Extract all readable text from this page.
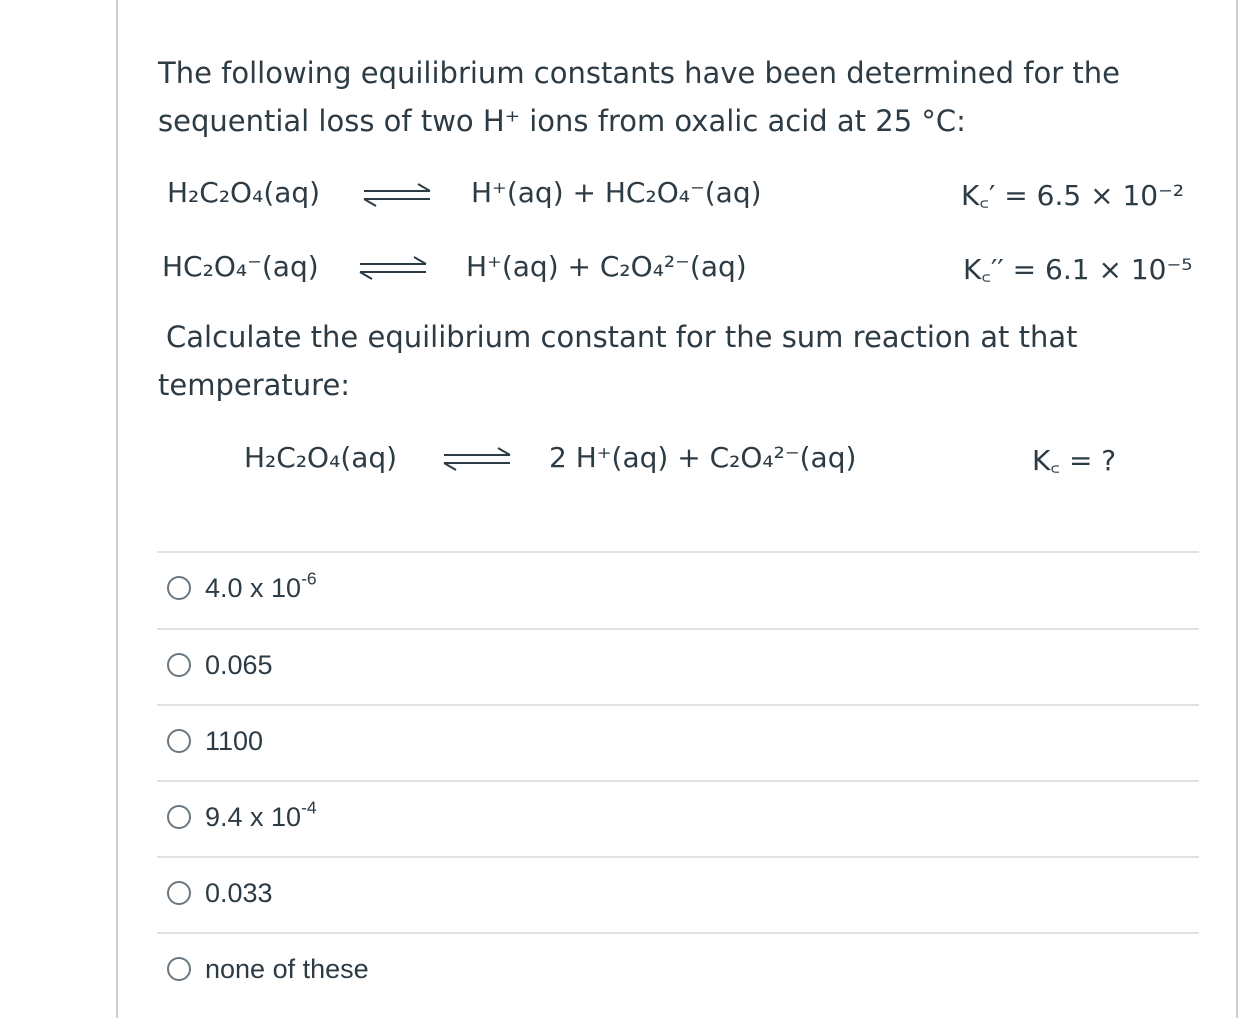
The following equilibrium constants have been determined for the
sequential loss of two H⁺ ions from oxalic acid at 25 °C:
H₂C₂O₄(aq)	H⁺(aq) + HC₂O₄⁻(aq)	K꜀′ = 6.5 × 10⁻²
HC₂O₄⁻(aq)	H⁺(aq) + C₂O₄²⁻(aq)	K꜀′′ = 6.1 × 10⁻⁵
Calculate the equilibrium constant for the sum reaction at that
temperature:
H₂C₂O₄(aq)	2 H⁺(aq) + C₂O₄²⁻(aq)	K꜀ = ?
4.0 x $10^{-6}$
0.065
1100
9.4 x $10^{-4}$
0.033
none of these
